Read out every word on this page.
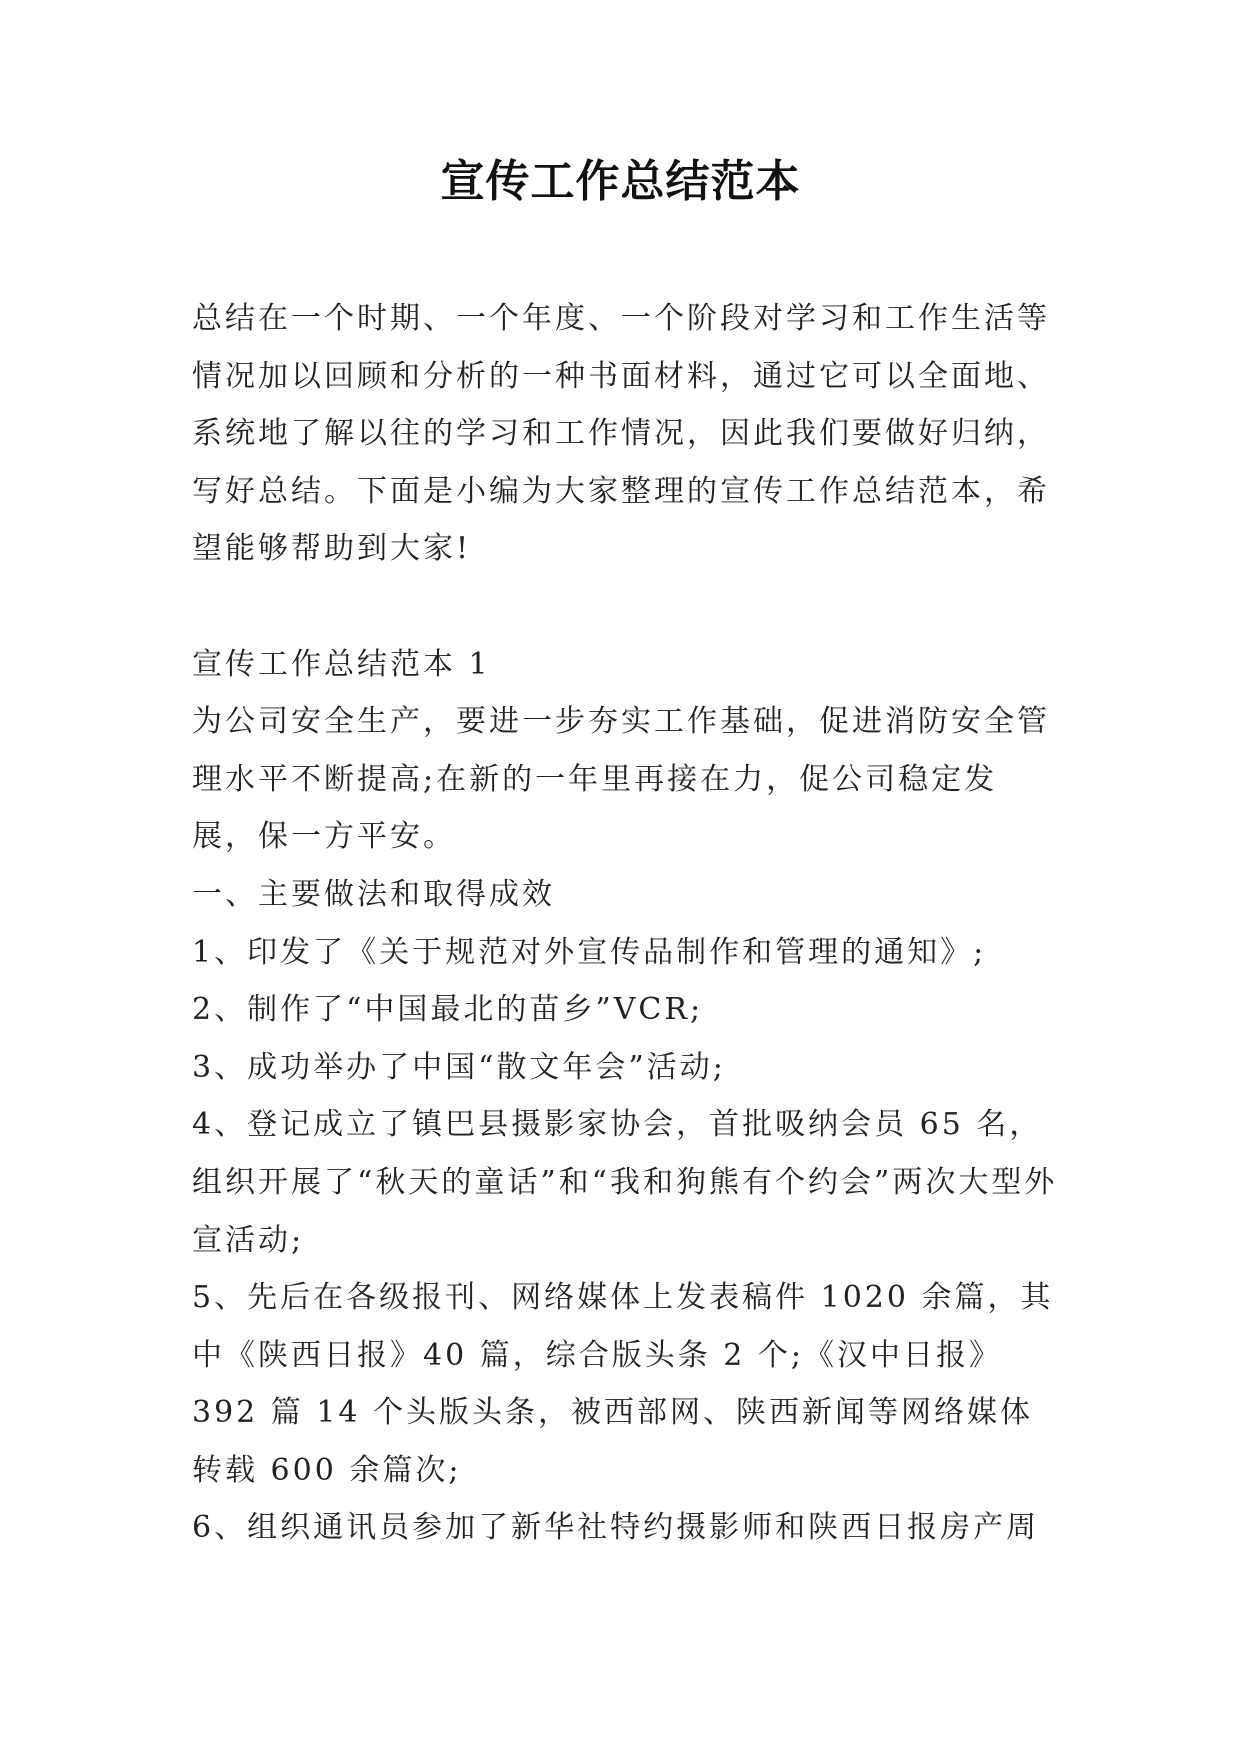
宣传工作总结范本

总结在一个时期、一个年度、一个阶段对学习和工作生活等情况加以回顾和分析的一种书面材料，通过它可以全面地、系统地了解以往的学习和工作情况，因此我们要做好归纳，写好总结。下面是小编为大家整理的宣传工作总结范本，希望能够帮助到大家!

宣传工作总结范本 1

为公司安全生产，要进一步夯实工作基础，促进消防安全管理水平不断提高;在新的一年里再接在力，促公司稳定发展，保一方平安。

一、主要做法和取得成效

1、印发了《关于规范对外宣传品制作和管理的通知》;

2、制作了“中国最北的苗乡”VCR;

3、成功举办了中国“散文年会”活动;

4、登记成立了镇巴县摄影家协会，首批吸纳会员 65 名，组织开展了“秋天的童话”和“我和狗熊有个约会”两次大型外宣活动;

5、先后在各级报刊、网络媒体上发表稿件 1020 余篇，其中《陕西日报》40 篇，综合版头条 2 个;《汉中日报》392 篇 14 个头版头条，被西部网、陕西新闻等网络媒体转载 600 余篇次;

6、组织通讯员参加了新华社特约摄影师和陕西日报房产周
